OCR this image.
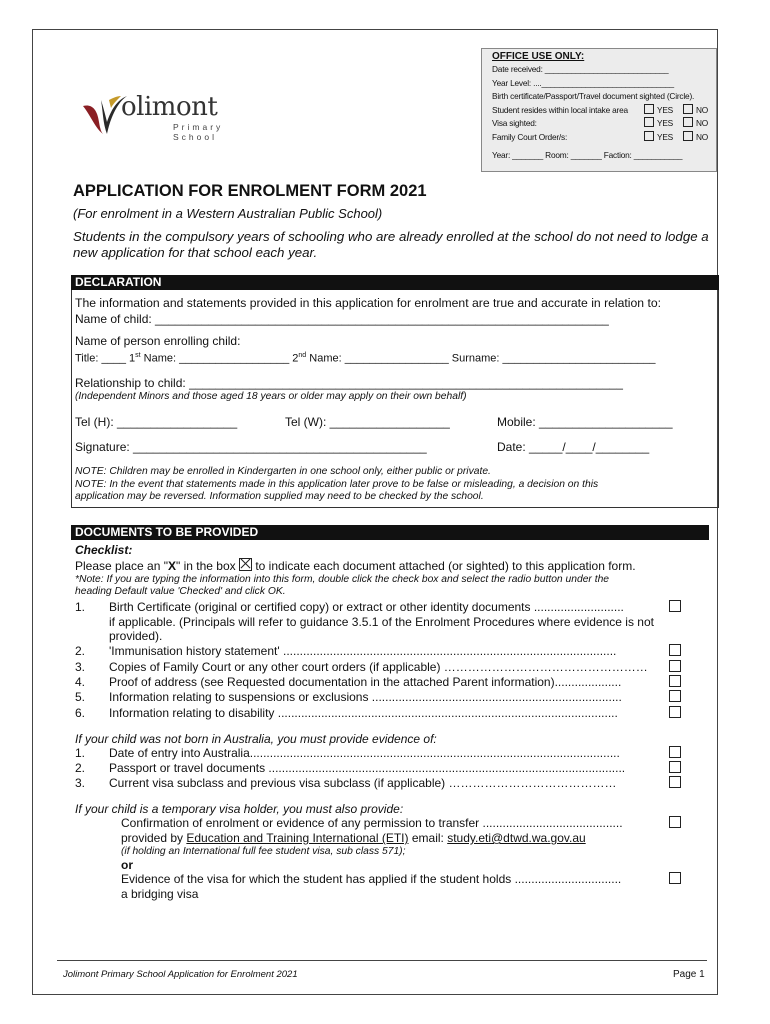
OFFICE USE ONLY:
Date received: ____________________________
Year Level: ....______________________________
Birth certificate/Passport/Travel document sighted (Circle).
Student resides within local intake area	YES	NO
Visa sighted:	YES	NO
Family Court Order/s:	YES	NO
Year: _______ Room: _______ Faction: ___________
olimont
Primary School
APPLICATION FOR ENROLMENT FORM 2021
(For enrolment in a Western Australian Public School)
Students in the compulsory years of schooling who are already enrolled at the school do not need to lodge a new application for that school each year.
DECLARATION
The information and statements provided in this application for enrolment are true and accurate in relation to:
Name of child: ____________________________________________________________________
Name of person enrolling child:
Title: ____ 1st Name: __________________ 2nd Name: _________________ Surname: _________________________
Relationship to child: _________________________________________________________________
(Independent Minors and those aged 18 years or older may apply on their own behalf)
Tel (H): __________________	Tel (W): __________________	Mobile: ____________________
Signature: ____________________________________________	Date: _____/____/________
NOTE: Children may be enrolled in Kindergarten in one school only, either public or private.
NOTE: In the event that statements made in this application later prove to be false or misleading, a decision on this
application may be reversed. Information supplied may need to be checked by the school.
DOCUMENTS TO BE PROVIDED
Checklist:
Please place an "X" in the box  to indicate each document attached (or sighted) to this application form.
*Note: If you are typing the information into this form, double click the check box and select the radio button under the
heading Default value 'Checked' and click OK.
1. Birth Certificate (original or certified copy) or extract or other identity documents ...........................
if applicable. (Principals will refer to guidance 3.5.1 of the Enrolment Procedures where evidence is not
provided).
2. 'Immunisation history statement' ....................................................................................................
3. Copies of Family Court or any other court orders (if applicable) ……………………………………………
4. Proof of address (see Requested documentation in the attached Parent information)....................
5. Information relating to suspensions or exclusions ...........................................................................
6. Information relating to disability ......................................................................................................
If your child was not born in Australia, you must provide evidence of:
1. Date of entry into Australia...............................................................................................................
2. Passport or travel documents ...........................................................................................................
3. Current visa subclass and previous visa subclass (if applicable) ……………………………………
If your child is a temporary visa holder, you must also provide:
Confirmation of enrolment or evidence of any permission to transfer ..........................................
provided by Education and Training International (ETI) email: study.eti@dtwd.wa.gov.au
(if holding an International full fee student visa, sub class 571);
or
Evidence of the visa for which the student has applied if the student holds ................................
a bridging visa
Jolimont Primary School Application for Enrolment 2021	Page 1
